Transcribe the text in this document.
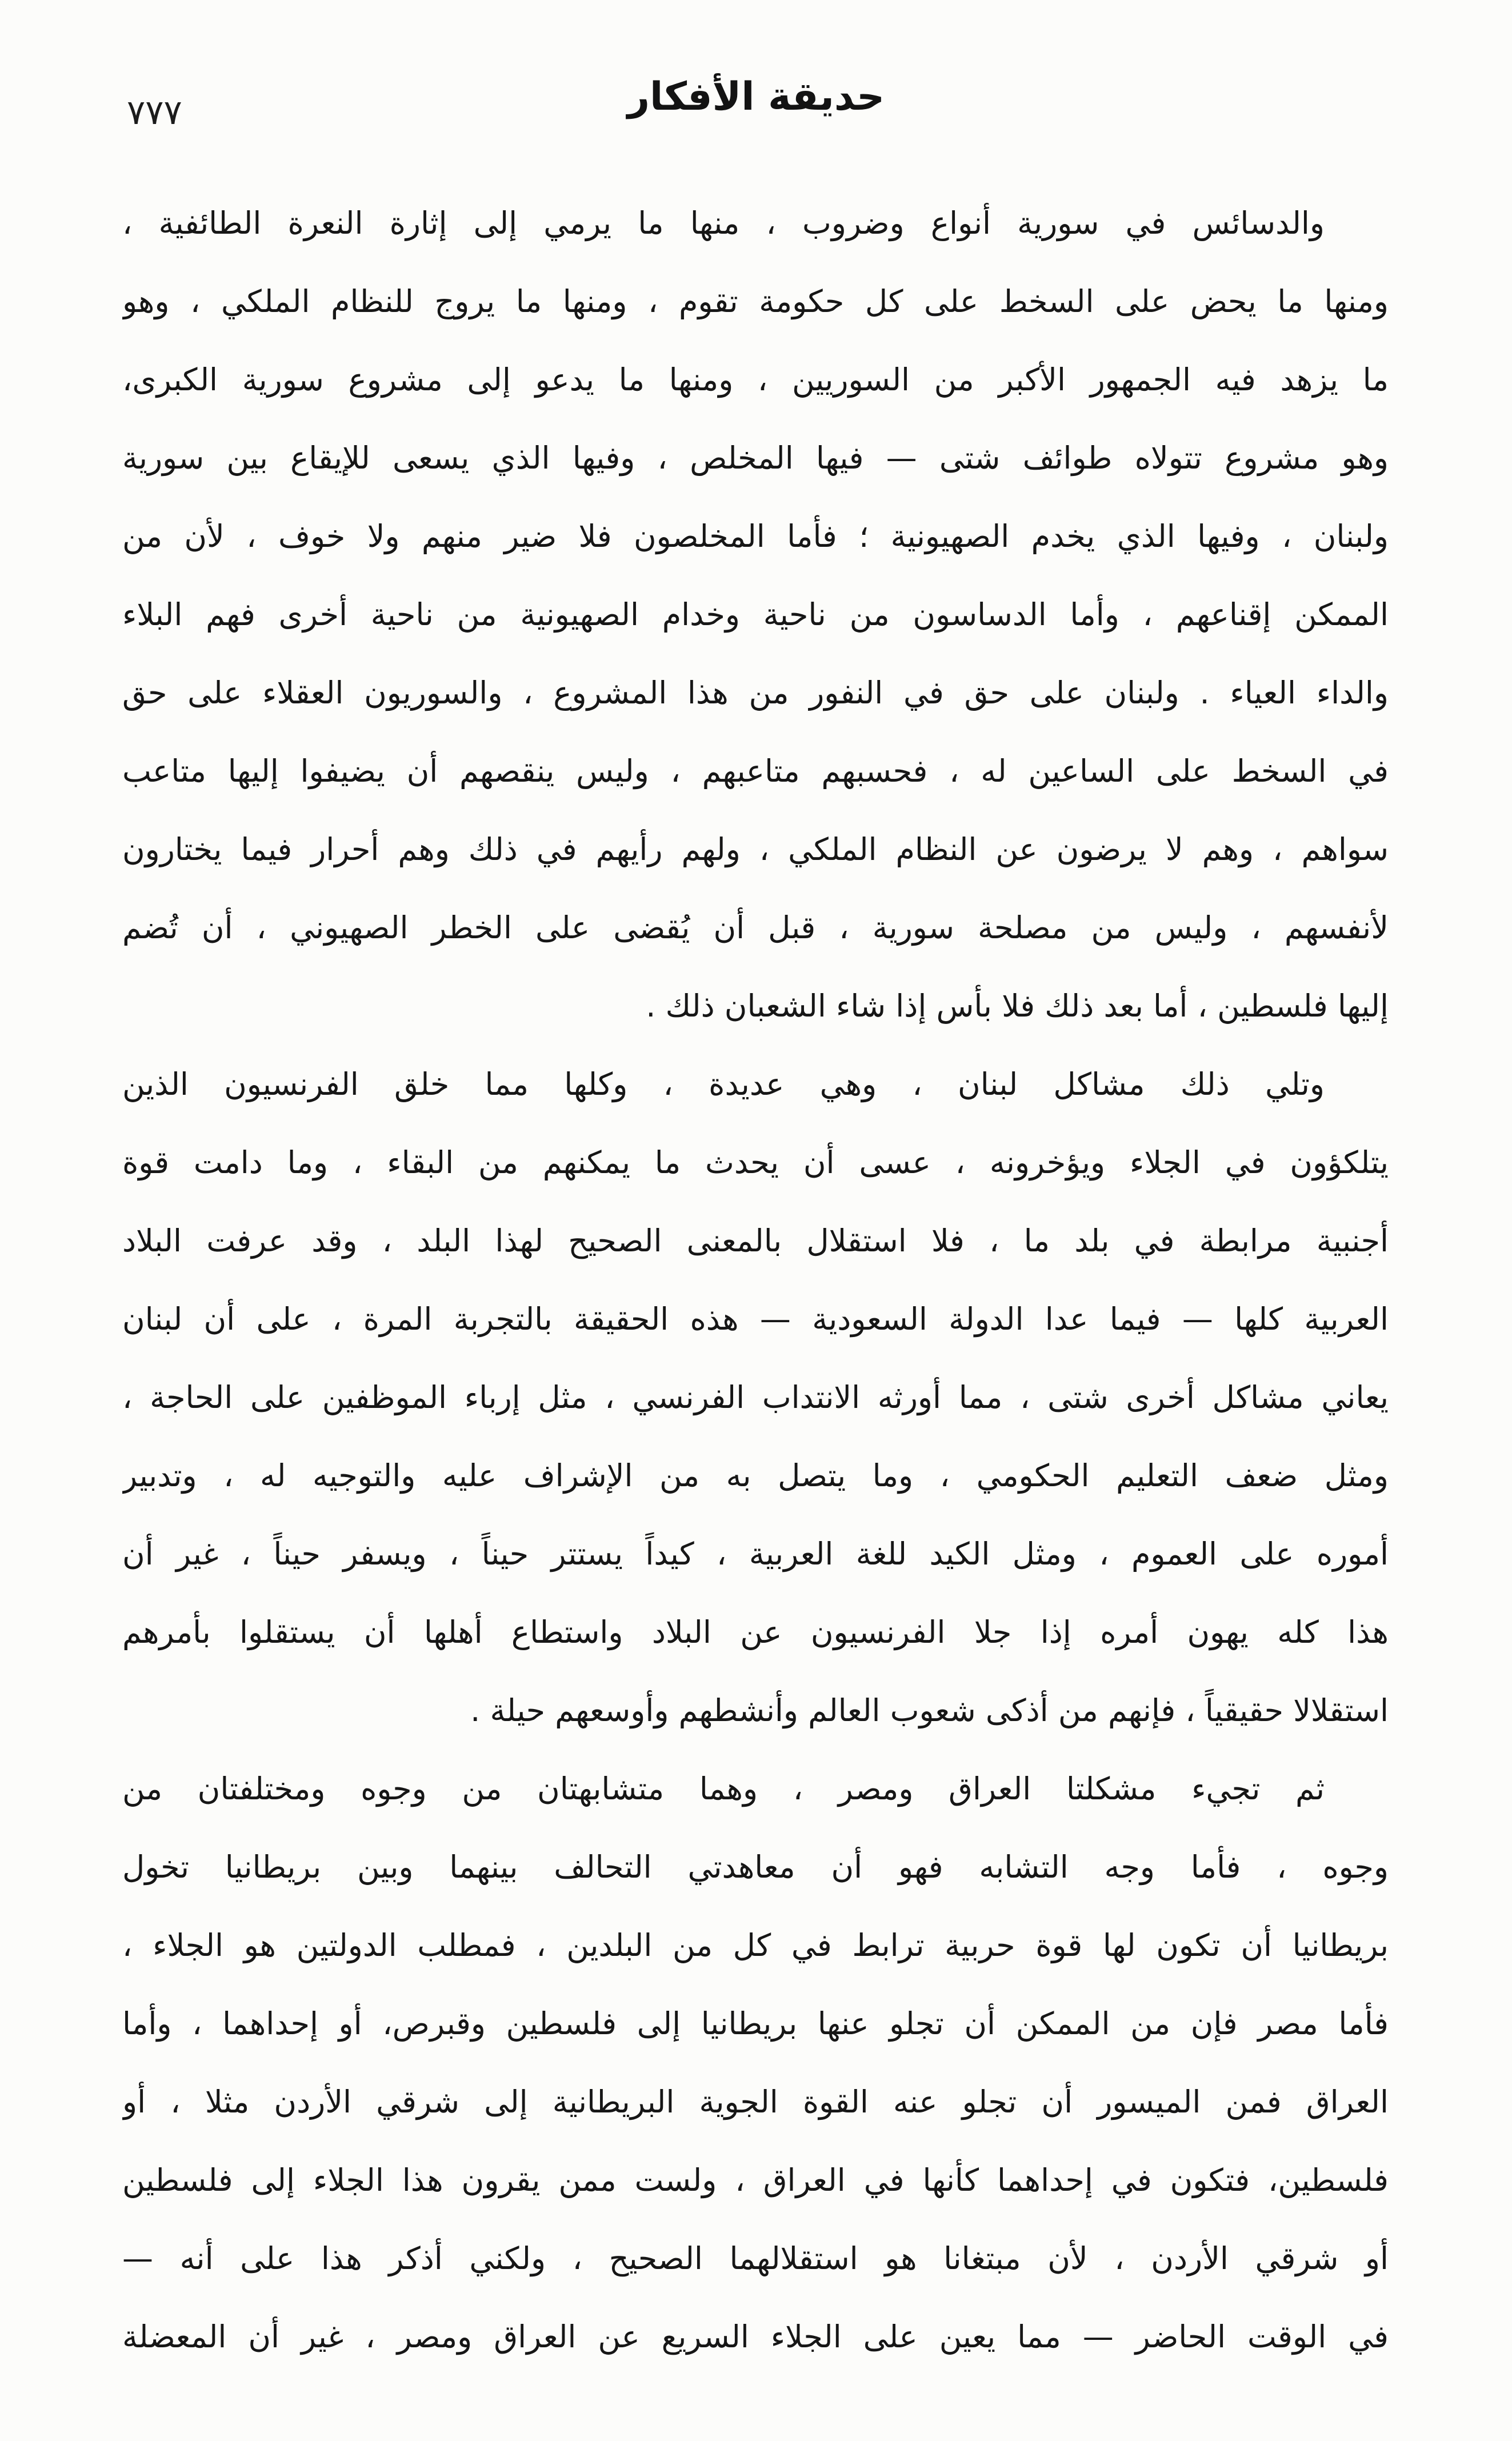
٧٧٧	حديقة الأفكار
والدسائس في سورية أنواع وضروب ، منها ما يرمي إلى إثارة النعرة الطائفية ،
ومنها ما يحض على السخط على كل حكومة تقوم ، ومنها ما يروج للنظام الملكي ، وهو
ما يزهد فيه الجمهور الأكبر من السوريين ، ومنها ما يدعو إلى مشروع سورية الكبرى،
وهو مشروع تتولاه طوائف شتى — فيها المخلص ، وفيها الذي يسعى للإيقاع بين سورية
ولبنان ، وفيها الذي يخدم الصهيونية ؛ فأما المخلصون فلا ضير منهم ولا خوف ، لأن من
الممكن إقناعهم ، وأما الدساسون من ناحية وخدام الصهيونية من ناحية أخرى فهم البلاء
والداء العياء . ولبنان على حق في النفور من هذا المشروع ، والسوريون العقلاء على حق
في السخط على الساعين له ، فحسبهم متاعبهم ، وليس ينقصهم أن يضيفوا إليها متاعب
سواهم ، وهم لا يرضون عن النظام الملكي ، ولهم رأيهم في ذلك وهم أحرار فيما يختارون
لأنفسهم ، وليس من مصلحة سورية ، قبل أن يُقضى على الخطر الصهيوني ، أن تُضم
إليها فلسطين ، أما بعد ذلك فلا بأس إذا شاء الشعبان ذلك .
وتلي ذلك مشاكل لبنان ، وهي عديدة ، وكلها مما خلق الفرنسيون الذين
يتلكؤون في الجلاء ويؤخرونه ، عسى أن يحدث ما يمكنهم من البقاء ، وما دامت قوة
أجنبية مرابطة في بلد ما ، فلا استقلال بالمعنى الصحيح لهذا البلد ، وقد عرفت البلاد
العربية كلها — فيما عدا الدولة السعودية — هذه الحقيقة بالتجربة المرة ، على أن لبنان
يعاني مشاكل أخرى شتى ، مما أورثه الانتداب الفرنسي ، مثل إرباء الموظفين على الحاجة ،
ومثل ضعف التعليم الحكومي ، وما يتصل به من الإشراف عليه والتوجيه له ، وتدبير
أموره على العموم ، ومثل الكيد للغة العربية ، كيداً يستتر حيناً ، ويسفر حيناً ، غير أن
هذا كله يهون أمره إذا جلا الفرنسيون عن البلاد واستطاع أهلها أن يستقلوا بأمرهم
استقلالا حقيقياً ، فإنهم من أذكى شعوب العالم وأنشطهم وأوسعهم حيلة .
ثم تجيء مشكلتا العراق ومصر ، وهما متشابهتان من وجوه ومختلفتان من
وجوه ، فأما وجه التشابه فهو أن معاهدتي التحالف بينهما وبين بريطانيا تخول
بريطانيا أن تكون لها قوة حربية ترابط في كل من البلدين ، فمطلب الدولتين هو الجلاء ،
فأما مصر فإن من الممكن أن تجلو عنها بريطانيا إلى فلسطين وقبرص، أو إحداهما ، وأما
العراق فمن الميسور أن تجلو عنه القوة الجوية البريطانية إلى شرقي الأردن مثلا ، أو
فلسطين، فتكون في إحداهما كأنها في العراق ، ولست ممن يقرون هذا الجلاء إلى فلسطين
أو شرقي الأردن ، لأن مبتغانا هو استقلالهما الصحيح ، ولكني أذكر هذا على أنه —
في الوقت الحاضر — مما يعين على الجلاء السريع عن العراق ومصر ، غير أن المعضلة
